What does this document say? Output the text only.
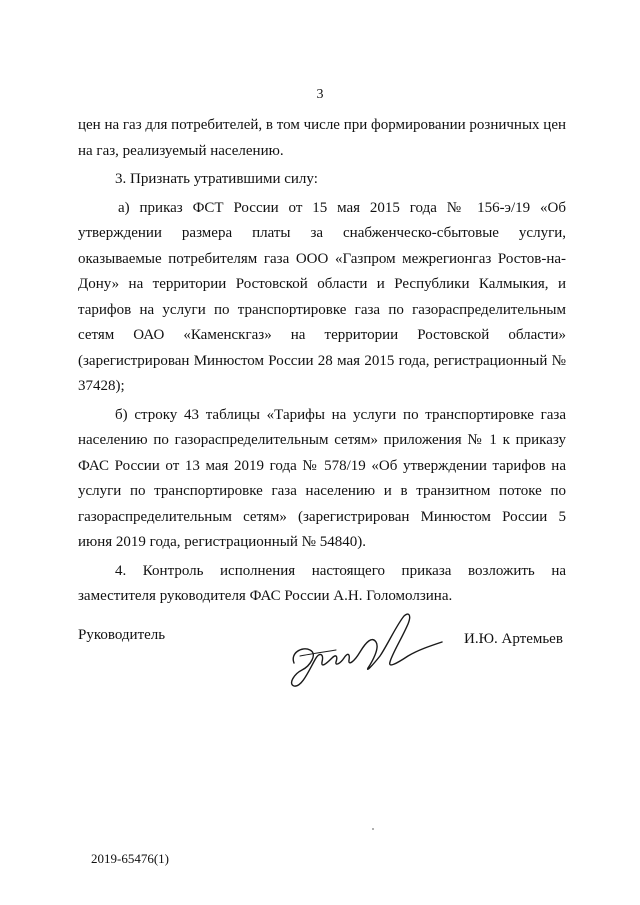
3

цен на газ для потребителей, в том числе при формировании розничных цен на газ, реализуемый населению.

3. Признать утратившими силу:

а) приказ ФСТ России от 15 мая 2015 года № 156-э/19 «Об утверждении размера платы за снабженческо-сбытовые услуги, оказываемые потребителям газа ООО «Газпром межрегионгаз Ростов-на-Дону» на территории Ростовской области и Республики Калмыкия, и тарифов на услуги по транспортировке газа по газораспределительным сетям ОАО «Каменскгаз» на территории Ростовской области» (зарегистрирован Минюстом России 28 мая 2015 года, регистрационный № 37428);

б) строку 43 таблицы «Тарифы на услуги по транспортировке газа населению по газораспределительным сетям» приложения № 1 к приказу ФАС России от 13 мая 2019 года № 578/19 «Об утверждении тарифов на услуги по транспортировке газа населению и в транзитном потоке по газораспределительным сетям» (зарегистрирован Минюстом России 5 июня 2019 года, регистрационный № 54840).

4. Контроль исполнения настоящего приказа возложить на заместителя руководителя ФАС России А.Н. Голомолзина.

Руководитель	И.Ю. Артемьев
2019-65476(1)
